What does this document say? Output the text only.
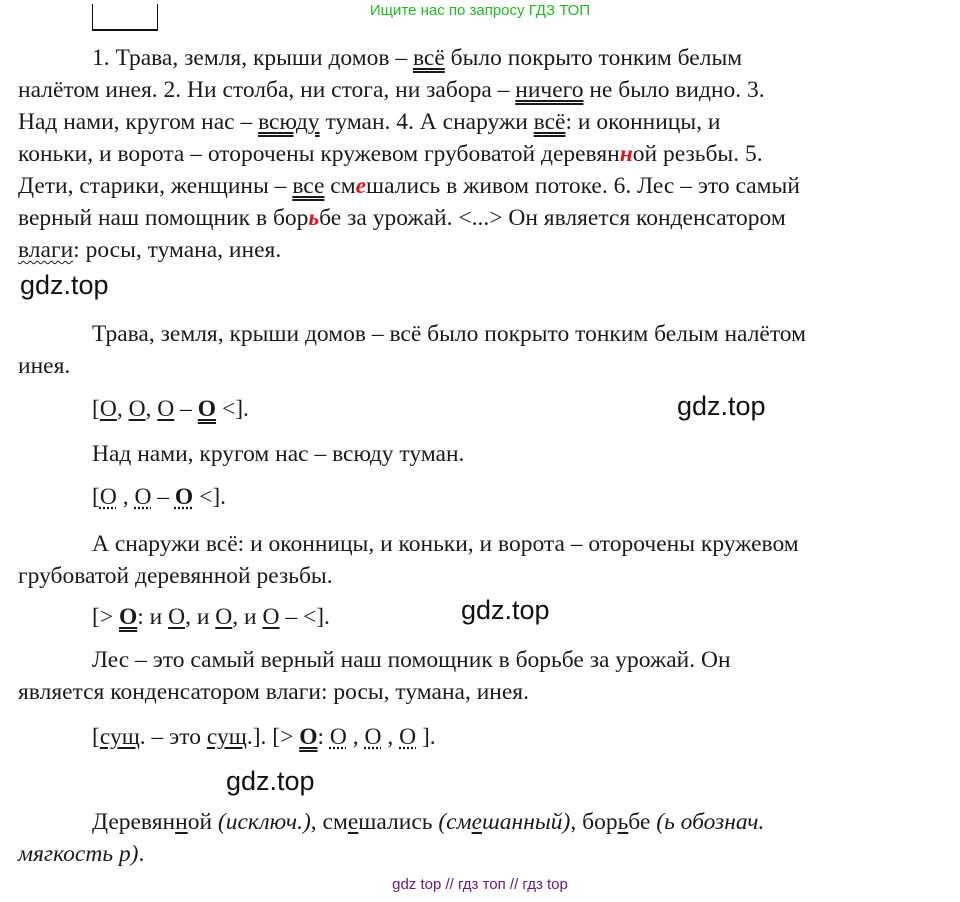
Ищите нас по запросу ГДЗ ТОП
1. Трава, земля, крыши домов – всё было покрыто тонким белым
налётом инея. 2. Ни столба, ни стога, ни забора – ничего не было видно. 3.
Над нами, кругом нас – всюду туман. 4. А снаружи всё: и оконницы, и
коньки, и ворота – оторочены кружевом грубоватой деревянной резьбы. 5.
Дети, старики, женщины – все смешались в живом потоке. 6. Лес – это самый
верный наш помощник в борьбе за урожай. <...> Он является конденсатором
влаги: росы, тумана, инея.
gdz.top
Трава, земля, крыши домов – всё было покрыто тонким белым налётом
инея.
[O, O, O – O <].	gdz.top
Над нами, кругом нас – всюду туман.
[O , O – O <].
А снаружи всё: и оконницы, и коньки, и ворота – оторочены кружевом
грубоватой деревянной резьбы.
[> O: и O, и O, и O – <].	gdz.top
Лес – это самый верный наш помощник в борьбе за урожай. Он
является конденсатором влаги: росы, тумана, инея.
[сущ. – это сущ.]. [> O: O , O , O ].
gdz.top
Деревянной (исключ.), смешались (смешанный), борьбе (ь обознач.
мягкость р).
gdz top // гдз топ // гдз top
